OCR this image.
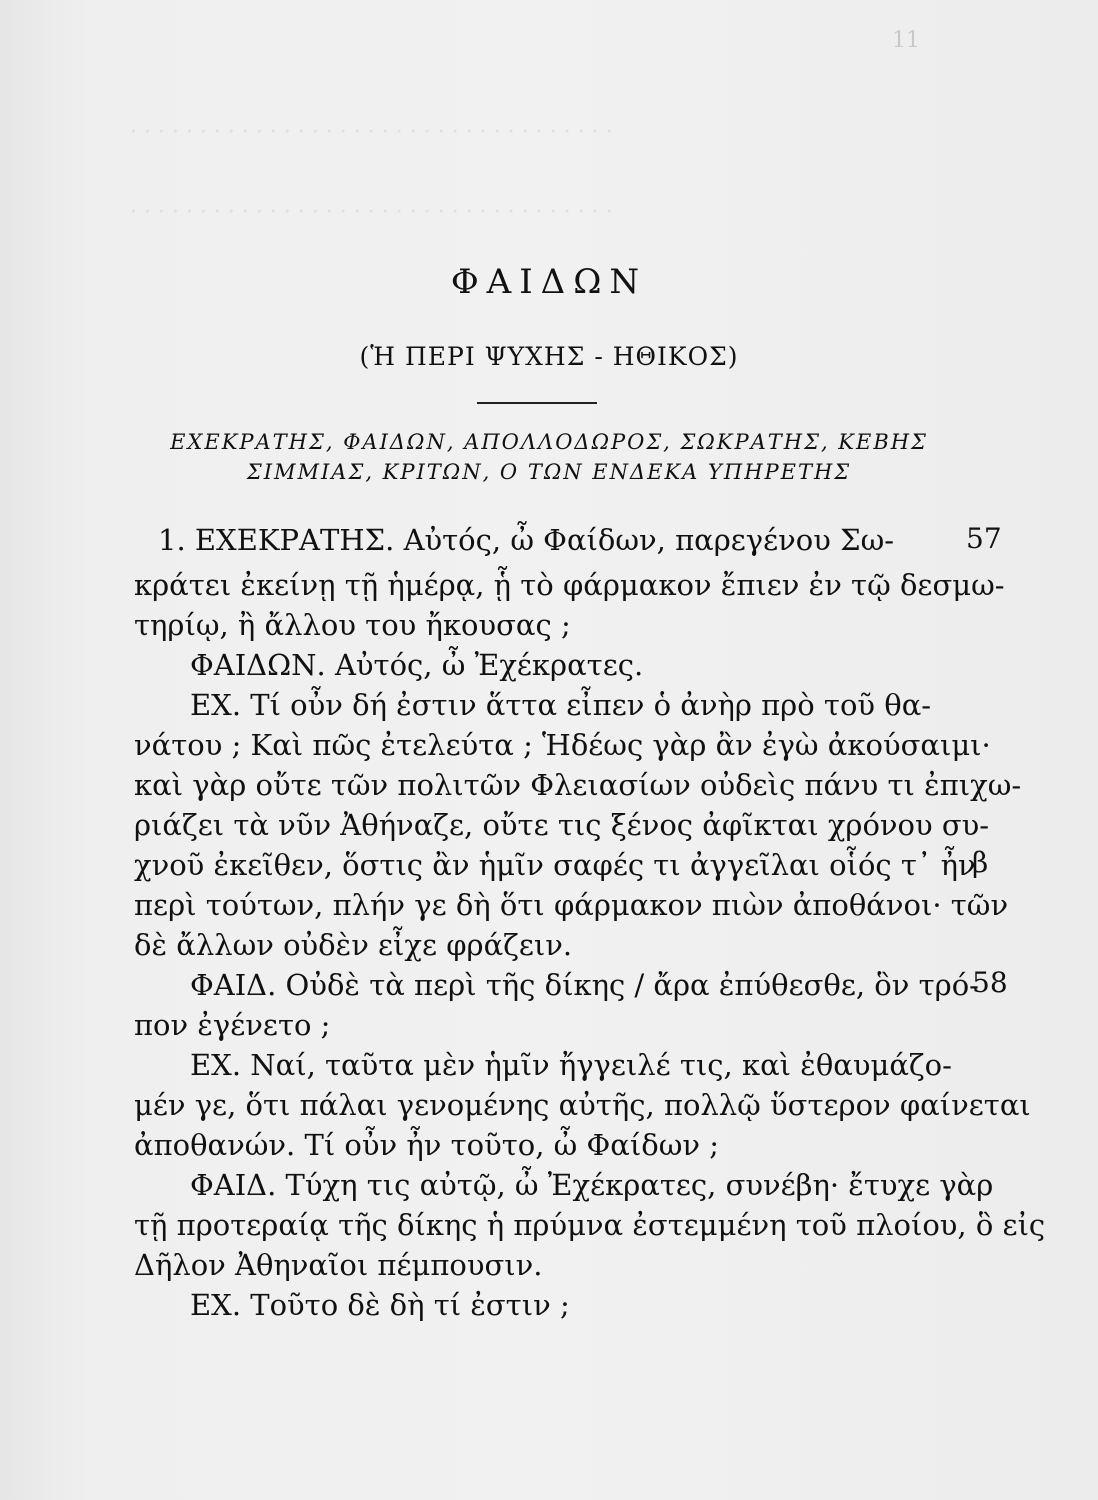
11
· · · · · · · · · · · · · · · · · · · · · · · · · · · · · · · · · · ·
· · · · · · · · · · · · · · · · · · · · · · · · · · · · · · · · · · ·
ΦΑΙΔΩΝ
(Ἡ ΠΕΡΙ ΨΥΧΗΣ - ΗΘΙΚΟΣ)
ΕΧΕΚΡΑΤΗΣ, ΦΑΙΔΩΝ, ΑΠΟΛΛΟΔΩΡΟΣ, ΣΩΚΡΑΤΗΣ, ΚΕΒΗΣ
ΣΙΜΜΙΑΣ, ΚΡΙΤΩΝ, Ο ΤΩΝ ΕΝΔΕΚΑ ΥΠΗΡΕΤΗΣ
1. ΕΧΕΚΡΑΤΗΣ. Αὐτός, ὦ Φαίδων, παρεγένου Σω-
κράτει ἐκείνῃ τῇ ἡμέρᾳ, ᾗ τὸ φάρμακον ἔπιεν ἐν τῷ δεσμω-
τηρίῳ, ἢ ἄλλου του ἤκουσας ;
ΦΑΙΔΩΝ. Αὐτός, ὦ Ἐχέκρατες.
ΕΧ. Τί οὖν δή ἐστιν ἅττα εἶπεν ὁ ἀνὴρ πρὸ τοῦ θα-
νάτου ; Καὶ πῶς ἐτελεύτα ; Ἡδέως γὰρ ἂν ἐγὼ ἀκούσαιμι·
καὶ γὰρ οὔτε τῶν πολιτῶν Φλειασίων οὐδεὶς πάνυ τι ἐπιχω-
ριάζει τὰ νῦν Ἀθήναζε, οὔτε τις ξένος ἀφῖκται χρόνου συ-
χνοῦ ἐκεῖθεν, ὅστις ἂν ἡμῖν σαφές τι ἀγγεῖλαι οἷός τ᾽ ἦν
περὶ τούτων, πλήν γε δὴ ὅτι φάρμακον πιὼν ἀποθάνοι· τῶν
δὲ ἄλλων οὐδὲν εἶχε φράζειν.
ΦΑΙΔ. Οὐδὲ τὰ περὶ τῆς δίκης / ἄρα ἐπύθεσθε, ὃν τρό-
πον ἐγένετο ;
ΕΧ. Ναί, ταῦτα μὲν ἡμῖν ἤγγειλέ τις, καὶ ἐθαυμάζο-
μέν γε, ὅτι πάλαι γενομένης αὐτῆς, πολλῷ ὕστερον φαίνεται
ἀποθανών. Τί οὖν ἦν τοῦτο, ὦ Φαίδων ;
ΦΑΙΔ. Τύχη τις αὐτῷ, ὦ Ἐχέκρατες, συνέβη· ἔτυχε γὰρ
τῇ προτεραίᾳ τῆς δίκης ἡ πρύμνα ἐστεμμένη τοῦ πλοίου, ὃ εἰς
Δῆλον Ἀθηναῖοι πέμπουσιν.
ΕΧ. Τοῦτο δὲ δὴ τί ἐστιν ;
57
β
58
